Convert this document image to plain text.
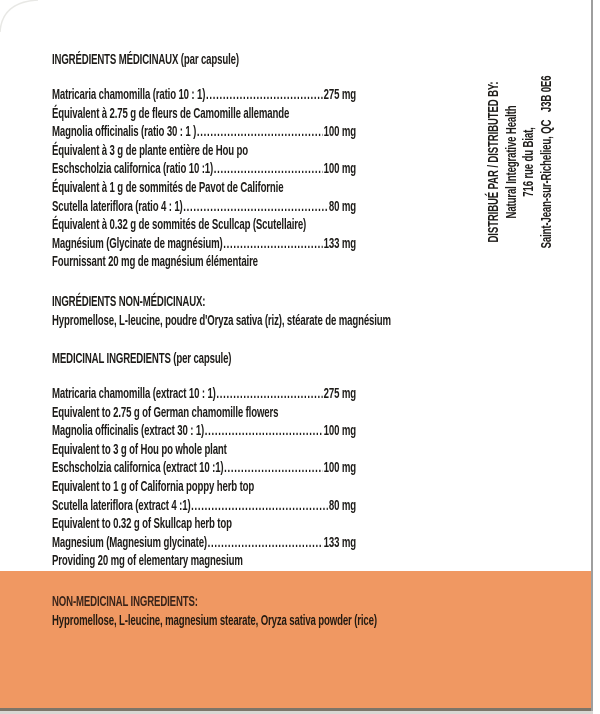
INGRÉDIENTS MÉDICINAUX (par capsule)
Matricaria chamomilla (ratio 10 : 1) .....	275 mg
Équivalent à 2.75 g de fleurs de Camomille allemande
Magnolia officinalis (ratio 30 : 1 ) .....	100 mg
Équivalent à 3 g de plante entière de Hou po
Eschscholzia californica (ratio 10 :1) .....	100 mg
Équivalent à 1 g de sommités de Pavot de Californie
Scutella lateriflora (ratio 4 : 1) .....	80 mg
Équivalent à 0.32 g de sommités de Scullcap (Scutellaire)
Magnésium (Glycinate de magnésium) .....	133 mg
Fournissant 20 mg de magnésium élémentaire
INGRÉDIENTS NON-MÉDICINAUX:
Hypromellose, L-leucine, poudre d'Oryza sativa (riz), stéarate de magnésium
MEDICINAL INGREDIENTS (per capsule)
Matricaria chamomilla (extract 10 : 1) .....	275 mg
Equivalent to 2.75 g of German chamomille flowers
Magnolia officinalis (extract 30 : 1) .....	100 mg
Equivalent to 3 g of Hou po whole plant
Eschscholzia californica (extract 10 :1) .....	100 mg
Equivalent to 1 g of California poppy herb top
Scutella lateriflora (extract 4 :1) .....	80 mg
Equivalent to 0.32 g of Skullcap herb top
Magnesium (Magnesium glycinate) .....	133 mg
Providing 20 mg of elementary magnesium
NON-MEDICINAL INGREDIENTS:
Hypromellose, L-leucine, magnesium stearate, Oryza sativa powder (rice)
DISTRIBUÉ PAR / DISTRIBUTED BY: Natural Integrative Health 716 rue du Biat, Saint-Jean-sur-Richelieu, QC   J3B 0E6
